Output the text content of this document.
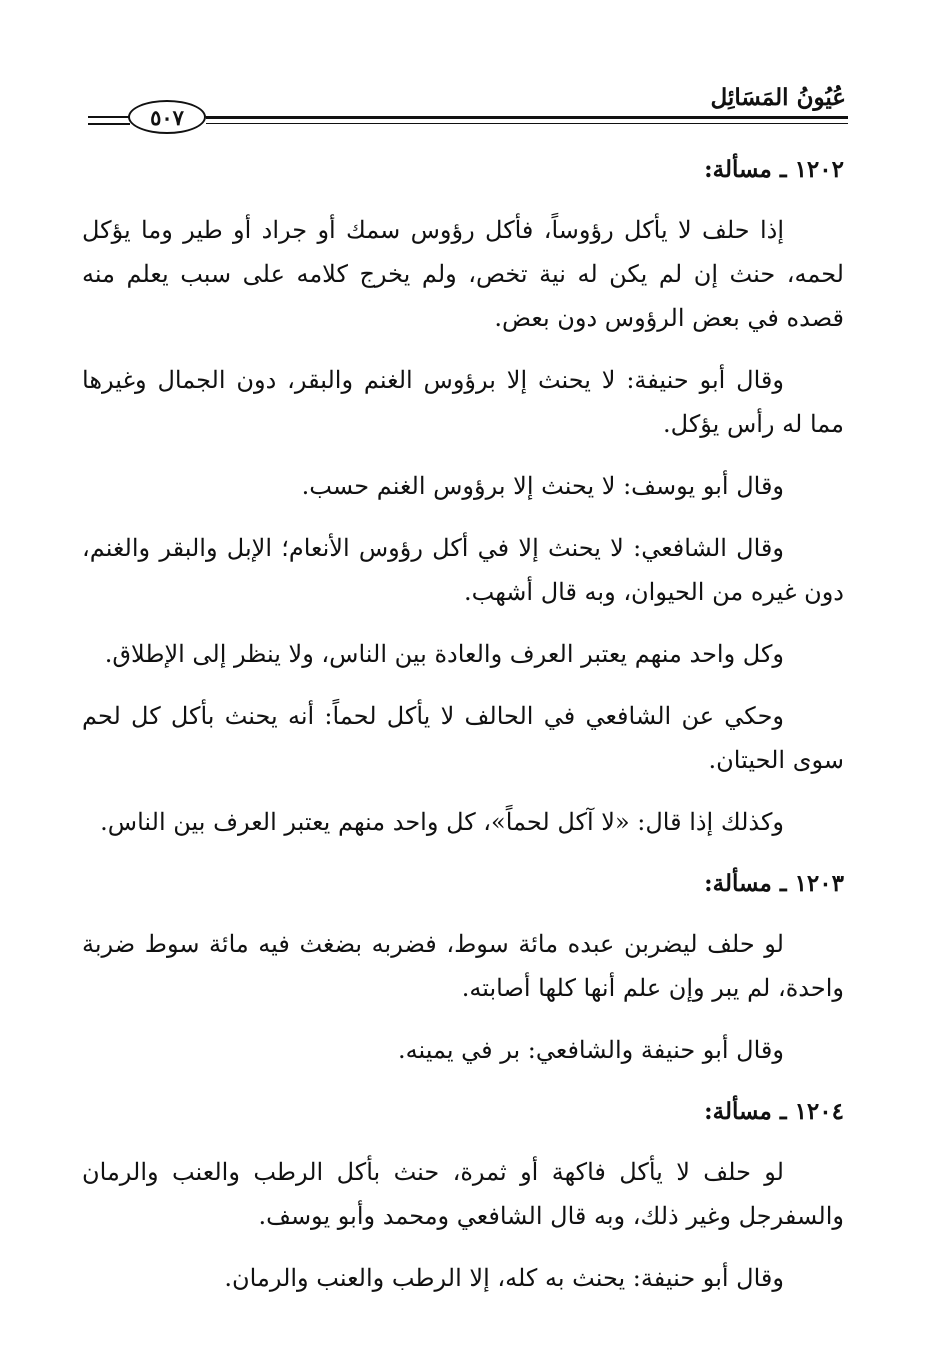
عُيُونُ المَسَائِل
٥٠٧
١٢٠٢ ـ مسألة:

إذا حلف لا يأكل رؤوساً، فأكل رؤوس سمك أو جراد أو طير وما يؤكل لحمه، حنث إن لم يكن له نية تخص، ولم يخرج كلامه على سبب يعلم منه قصده في بعض الرؤوس دون بعض.

وقال أبو حنيفة: لا يحنث إلا برؤوس الغنم والبقر، دون الجمال وغيرها مما له رأس يؤكل.

وقال أبو يوسف: لا يحنث إلا برؤوس الغنم حسب.

وقال الشافعي: لا يحنث إلا في أكل رؤوس الأنعام؛ الإبل والبقر والغنم، دون غيره من الحيوان، وبه قال أشهب.

وكل واحد منهم يعتبر العرف والعادة بين الناس، ولا ينظر إلى الإطلاق.

وحكي عن الشافعي في الحالف لا يأكل لحماً: أنه يحنث بأكل كل لحم سوى الحيتان.

وكذلك إذا قال: «لا آكل لحماً»، كل واحد منهم يعتبر العرف بين الناس.

١٢٠٣ ـ مسألة:

لو حلف ليضربن عبده مائة سوط، فضربه بضغث فيه مائة سوط ضربة واحدة، لم يبر وإن علم أنها كلها أصابته.

وقال أبو حنيفة والشافعي: بر في يمينه.

١٢٠٤ ـ مسألة:

لو حلف لا يأكل فاكهة أو ثمرة، حنث بأكل الرطب والعنب والرمان والسفرجل وغير ذلك، وبه قال الشافعي ومحمد وأبو يوسف.

وقال أبو حنيفة: يحنث به كله، إلا الرطب والعنب والرمان.
